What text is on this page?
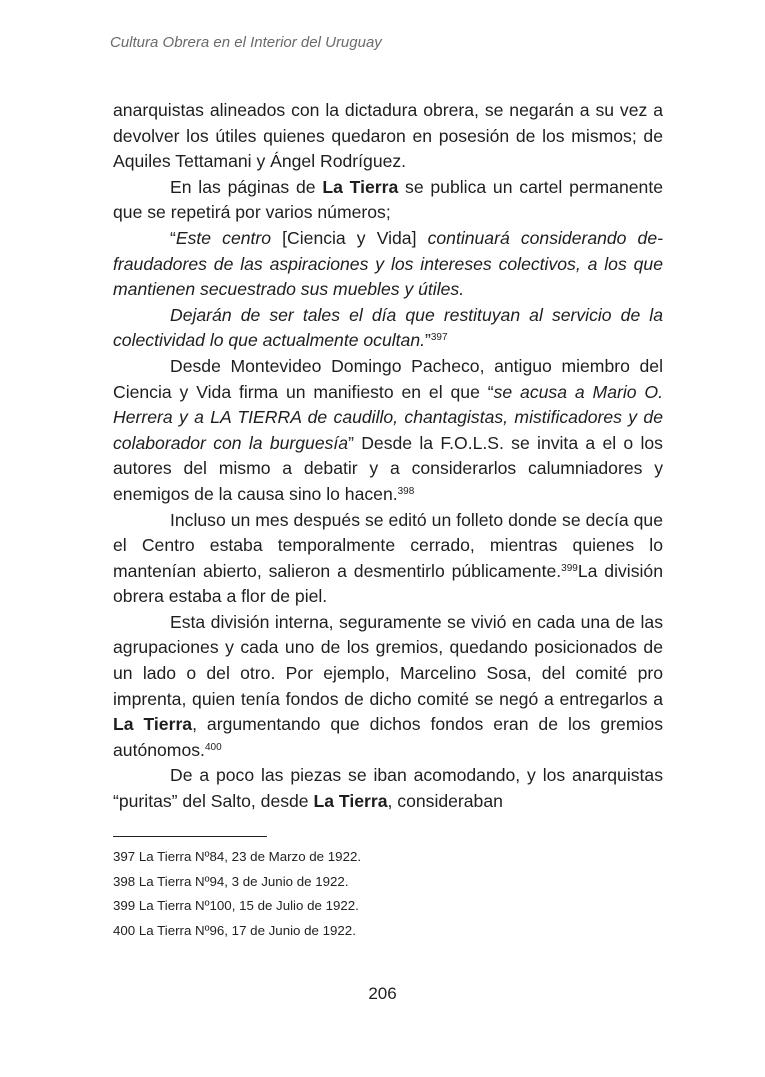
Cultura Obrera en el Interior del Uruguay

anarquistas alineados con la dictadura obrera, se negarán a su vez a devolver los útiles quienes quedaron en posesión de los mismos; de Aquiles Tettamani y Ángel Rodríguez.

En las páginas de La Tierra se publica un cartel permanente que se repetirá por varios números;

“Este centro [Ciencia y Vida] continuará considerando defraudadores de las aspiraciones y los intereses colectivos, a los que mantienen secuestrado sus muebles y útiles.

Dejarán de ser tales el día que restituyan al servicio de la colectividad lo que actualmente ocultan.”$^{397}$

Desde Montevideo Domingo Pacheco, antiguo miembro del Ciencia y Vida firma un manifiesto en el que “se acusa a Mario O. Herrera y a LA TIERRA de caudillo, chantagistas, mistificadores y de colaborador con la burguesía” Desde la F.O.L.S. se invita a el o los autores del mismo a debatir y a considerarlos calumniadores y enemigos de la causa sino lo hacen.$^{398}$

Incluso un mes después se editó un folleto donde se decía que el Centro estaba temporalmente cerrado, mientras quienes lo mantenían abierto, salieron a desmentirlo públicamente.$^{399}$La división obrera estaba a flor de piel.

Esta división interna, seguramente se vivió en cada una de las agrupaciones y cada uno de los gremios, quedando posicionados de un lado o del otro. Por ejemplo, Marcelino Sosa, del comité pro imprenta, quien tenía fondos de dicho comité se negó a entregarlos a La Tierra, argumentando que dichos fondos eran de los gremios autónomos.$^{400}$

De a poco las piezas se iban acomodando, y los anarquistas “puritas” del Salto, desde La Tierra, consideraban

397 La Tierra Nº84, 23 de Marzo de 1922.
398 La Tierra Nº94, 3 de Junio de 1922.
399 La Tierra Nº100, 15 de Julio de 1922.
400 La Tierra Nº96, 17 de Junio de 1922.
206
